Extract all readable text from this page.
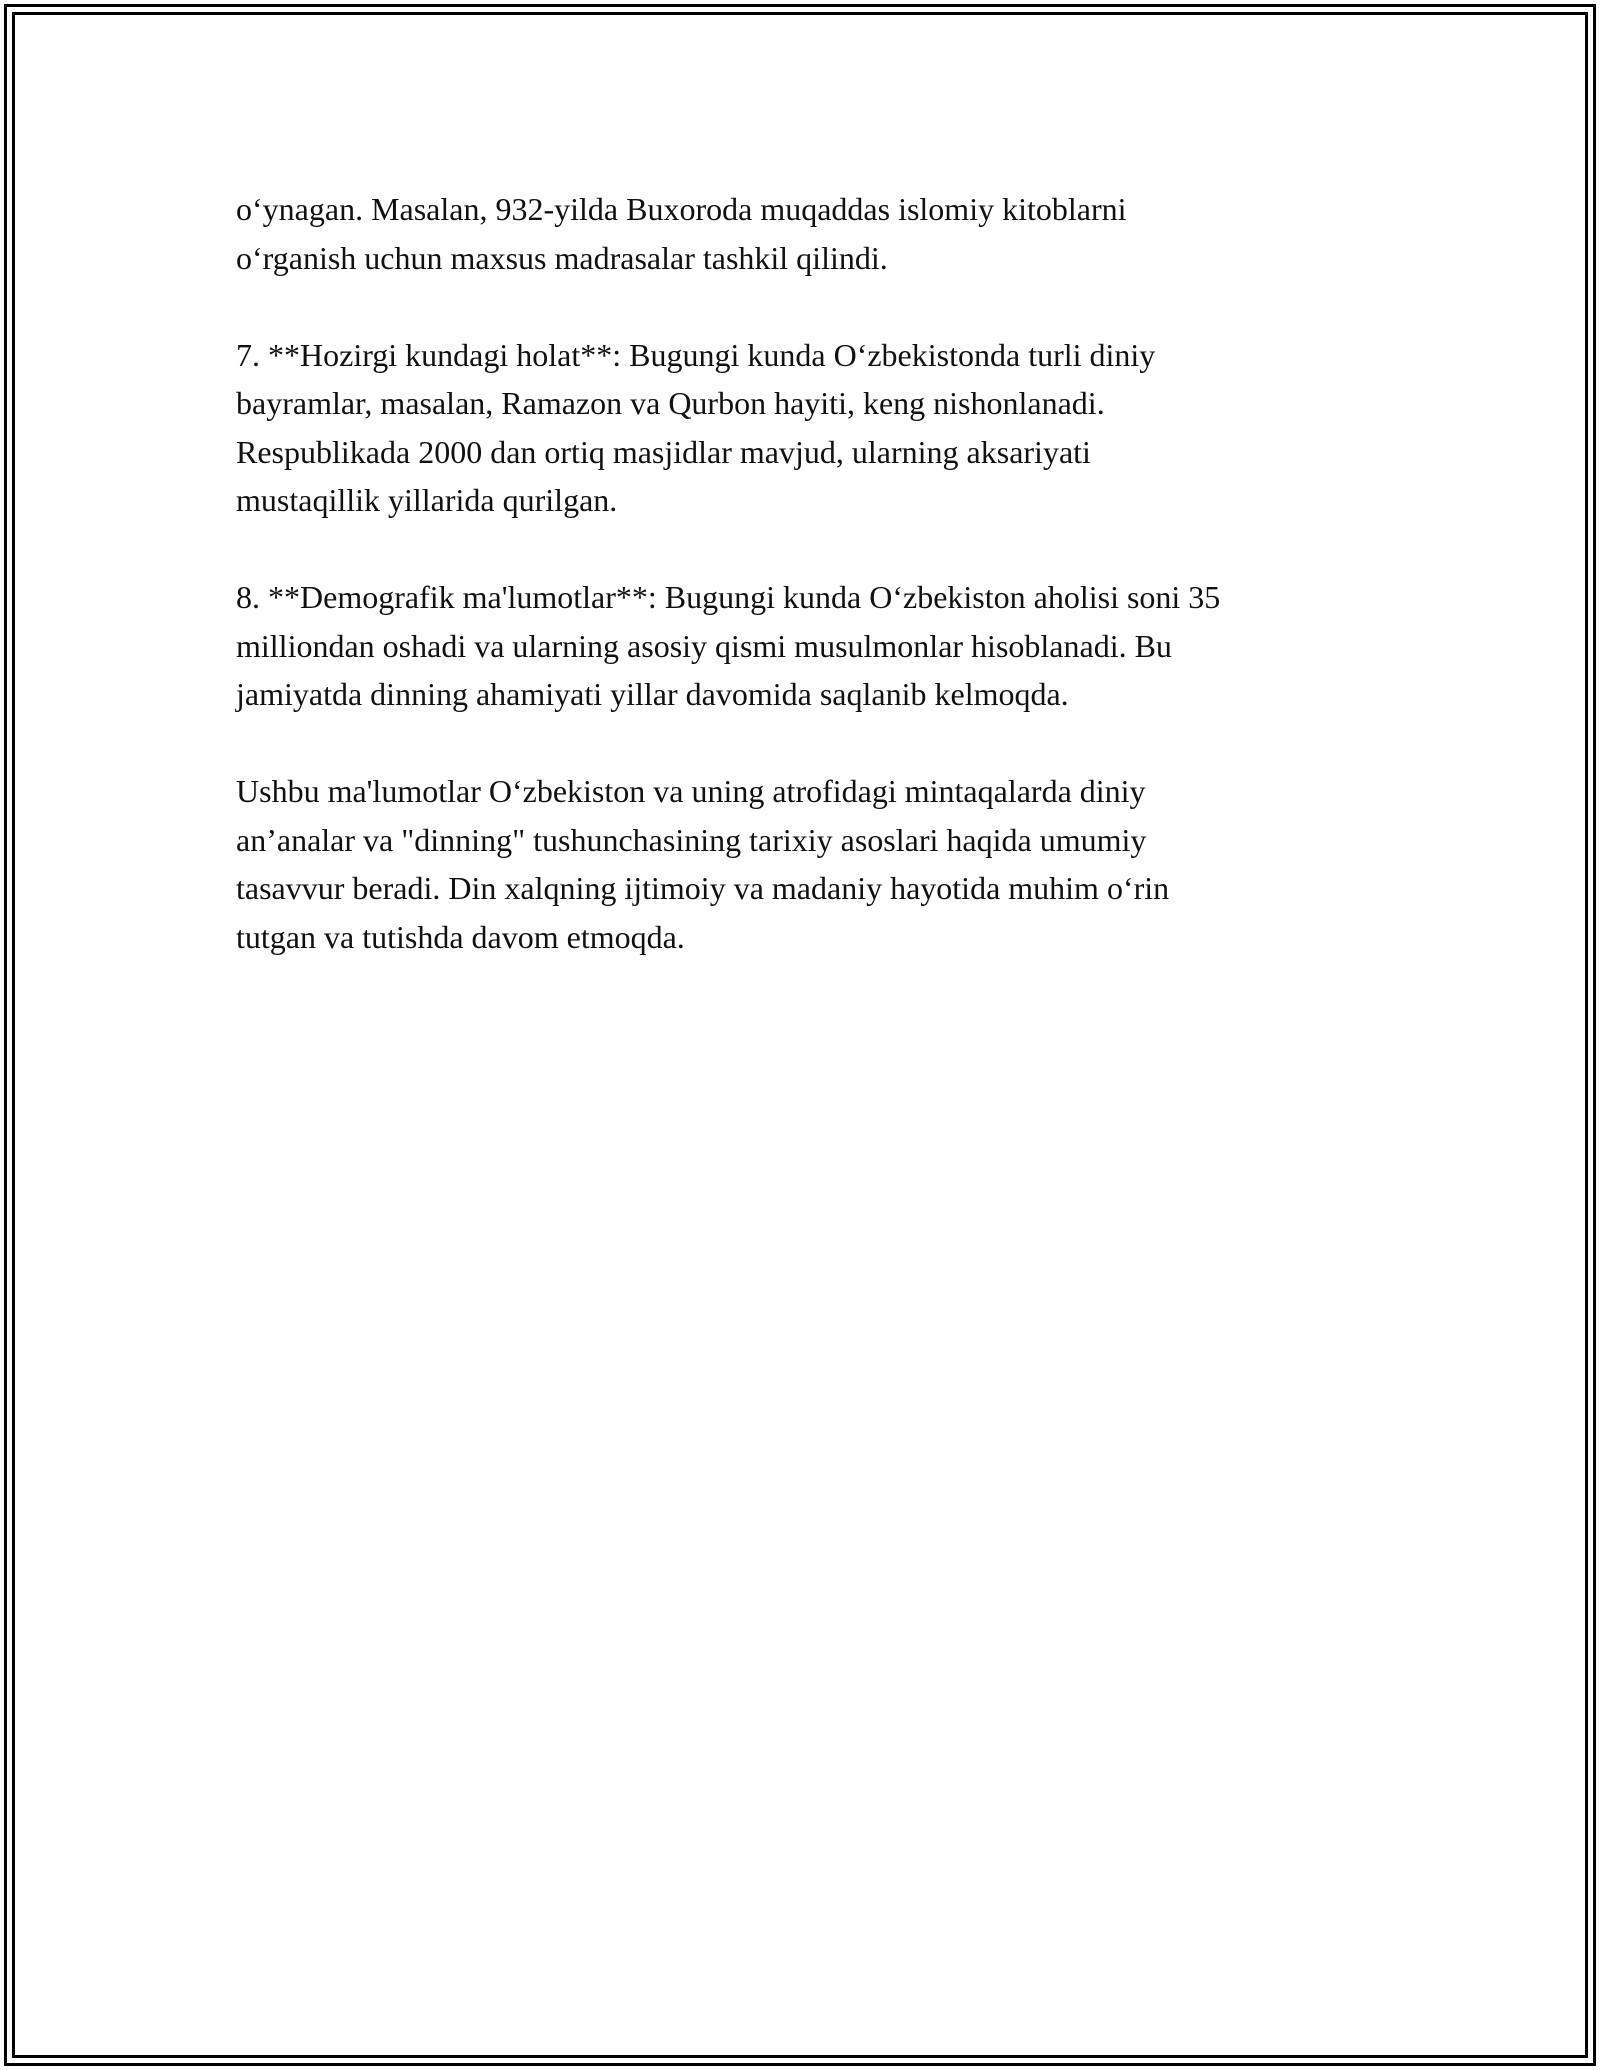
o‘ynagan. Masalan, 932-yilda Buxoroda muqaddas islomiy kitoblarni
o‘rganish uchun maxsus madrasalar tashkil qilindi.

7. **Hozirgi kundagi holat**: Bugungi kunda O‘zbekistonda turli diniy
bayramlar, masalan, Ramazon va Qurbon hayiti, keng nishonlanadi.
Respublikada 2000 dan ortiq masjidlar mavjud, ularning aksariyati
mustaqillik yillarida qurilgan.

8. **Demografik ma'lumotlar**: Bugungi kunda O‘zbekiston aholisi soni 35
milliondan oshadi va ularning asosiy qismi musulmonlar hisoblanadi. Bu
jamiyatda dinning ahamiyati yillar davomida saqlanib kelmoqda.

Ushbu ma'lumotlar O‘zbekiston va uning atrofidagi mintaqalarda diniy
an’analar va "dinning" tushunchasining tarixiy asoslari haqida umumiy
tasavvur beradi. Din xalqning ijtimoiy va madaniy hayotida muhim o‘rin
tutgan va tutishda davom etmoqda.
